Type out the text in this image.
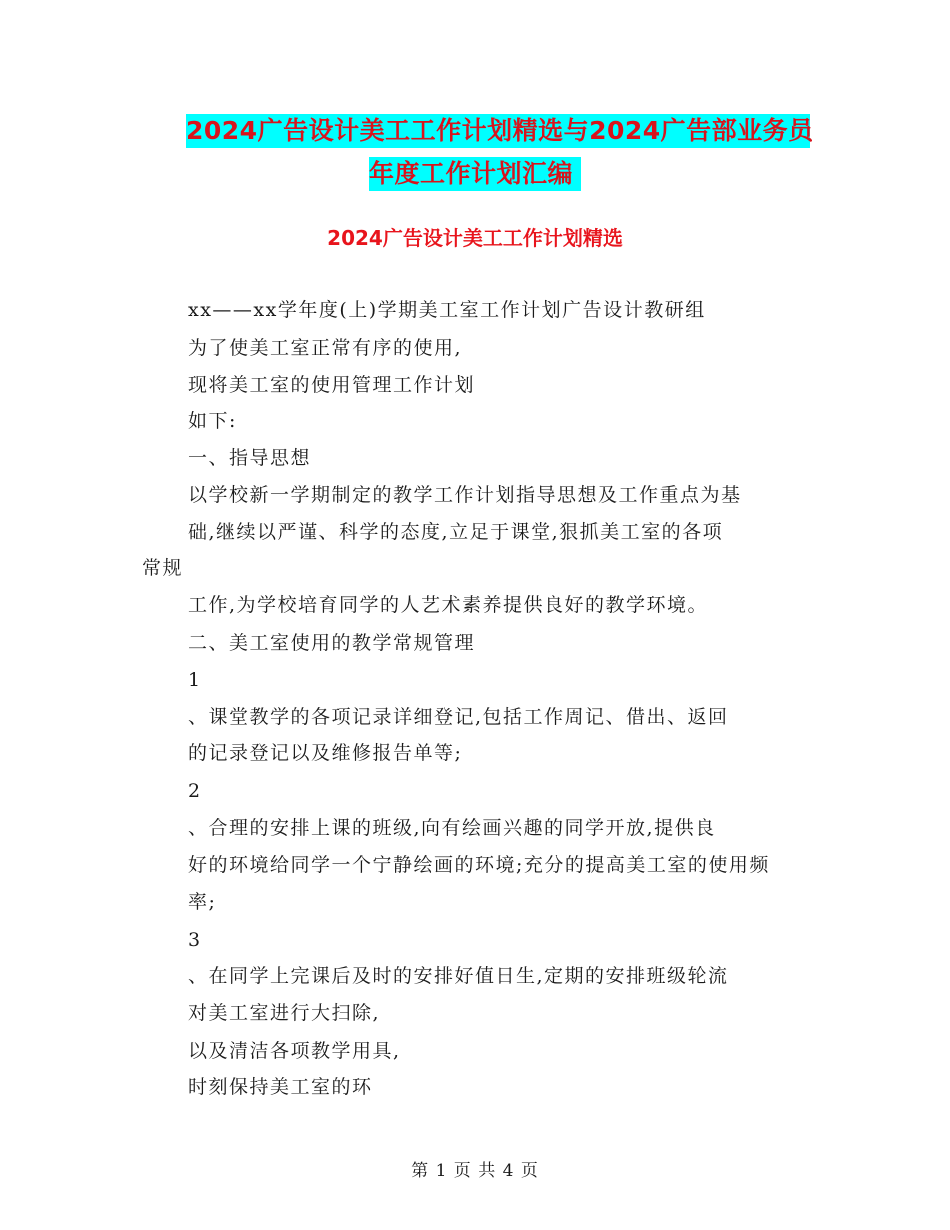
2024广告设计美工工作计划精选与2024广告部业务员
年度工作计划汇编
2024广告设计美工工作计划精选
xx——xx学年度(上)学期美工室工作计划广告设计教研组
为了使美工室正常有序的使用,
现将美工室的使用管理工作计划
如下:
一、指导思想
以学校新一学期制定的教学工作计划指导思想及工作重点为基
础,继续以严谨、科学的态度,立足于课堂,狠抓美工室的各项
常规
工作,为学校培育同学的人艺术素养提供良好的教学环境。
二、美工室使用的教学常规管理
1
、课堂教学的各项记录详细登记,包括工作周记、借出、返回
的记录登记以及维修报告单等;
2
、合理的安排上课的班级,向有绘画兴趣的同学开放,提供良
好的环境给同学一个宁静绘画的环境;充分的提高美工室的使用频
率;
3
、在同学上完课后及时的安排好值日生,定期的安排班级轮流
对美工室进行大扫除,
以及清洁各项教学用具,
时刻保持美工室的环
第 1 页 共 4 页
